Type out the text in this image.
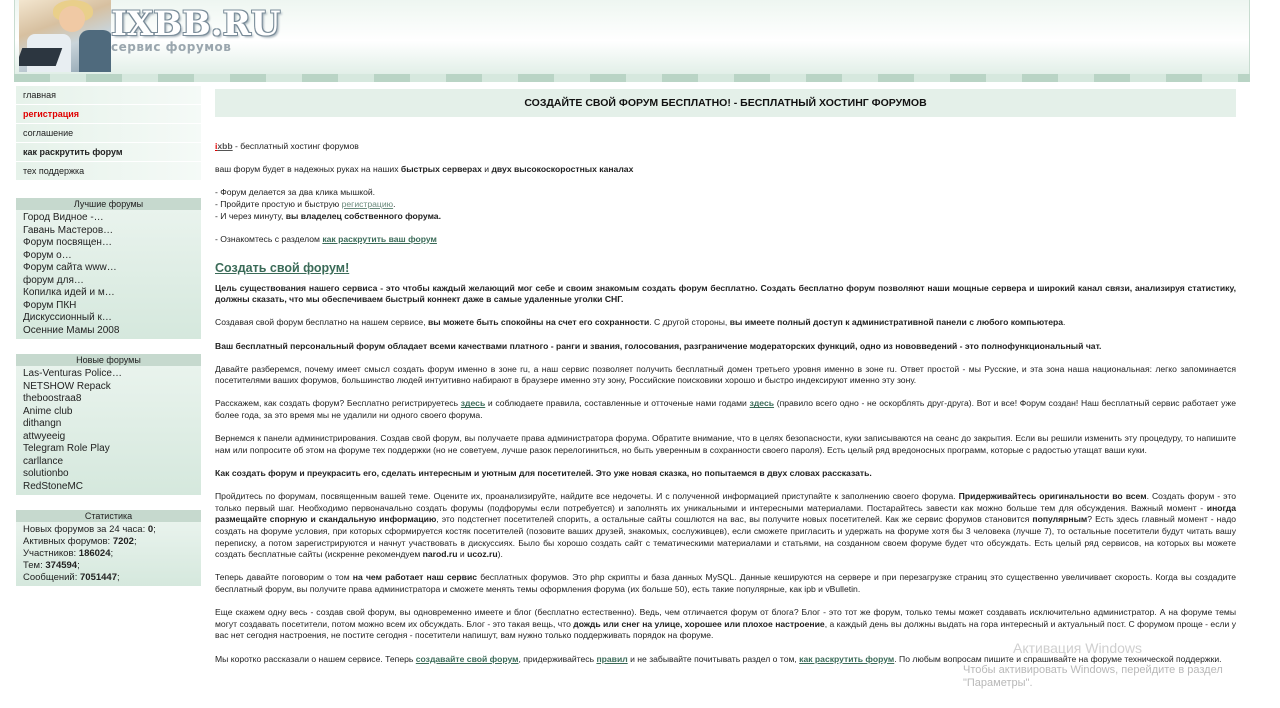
IXBB.RU
сервис форумов
главная
регистрация
соглашение
как раскрутить форум
тех поддержка
Лучшие форумы
Город Видное -…
Гавань Мастеров…
Форум посвящен…
Форум о…
Форум сайта www…
форум для…
Копилка идей и м…
Форум ПКН
Дискуссионный к…
Осенние Мамы 2008
Новые форумы
Las-Venturas Police…
NETSHOW Repack
theboostraa8
Anime club
dithangn
attwyeeig
Telegram Role Play
carllance
solutionbo
RedStoneMC
Статистика
Новых форумов за 24 часа: 0;
Активных форумов: 7202;
Участников: 186024;
Тем: 374594;
Сообщений: 7051447;
СОЗДАЙТЕ СВОЙ ФОРУМ БЕСПЛАТНО! - БЕСПЛАТНЫЙ ХОСТИНГ ФОРУМОВ

ixbb - бесплатный хостинг форумов

ваш форум будет в надежных руках на наших быстрых серверах и двух высокоскоростных каналах

- Форум делается за два клика мышкой.
- Пройдите простую и быструю регистрацию.
- И через минуту, вы владелец собственного форума.

- Ознакомтесь с разделом как раскрутить ваш форум

Создать свой форум!

Цель существования нашего сервиса - это чтобы каждый желающий мог себе и своим знакомым создать форум бесплатно. Создать бесплатно форум позволяют наши мощные сервера и широкий канал связи, анализируя статистику, должны сказать, что мы обеспечиваем быстрый коннект даже в самые удаленные уголки СНГ.

Создавая свой форум бесплатно на нашем сервисе, вы можете быть спокойны на счет его сохранности. С другой стороны, вы имеете полный доступ к административной панели с любого компьютера.

Ваш бесплатный персональный форум обладает всеми качествами платного - ранги и звания, голосования, разграничение модераторских функций, одно из нововведений - это полнофункциональный чат.

Давайте разберемся, почему имеет смысл создать форум именно в зоне ru, а наш сервис позволяет получить бесплатный домен третьего уровня именно в зоне ru. Ответ простой - мы Русские, и эта зона наша национальная: легко запоминается посетителями ваших форумов, большинство людей интуитивно набирают в браузере именно эту зону, Российские поисковики хорошо и быстро индексируют именно эту зону.

Расскажем, как создать форум? Бесплатно регистрируетесь здесь и соблюдаете правила, составленные и отточеные нами годами здесь (правило всего одно - не оскорблять друг-друга). Вот и все! Форум создан! Наш бесплатный сервис работает уже более года, за это время мы не удалили ни одного своего форума.

Вернемся к панели администрирования. Создав свой форум, вы получаете права администратора форума. Обратите внимание, что в целях безопасности, куки записываются на сеанс до закрытия. Если вы решили изменить эту процедуру, то напишите нам или попросите об этом на форуме тех поддержки (но не советуем, лучше разок перелогиниться, но быть уверенным в сохранности своего пароля). Есть целый ряд вредоносных программ, которые с радостью утащат ваши куки.

Как создать форум и преукрасить его, сделать интересным и уютным для посетителей. Это уже новая сказка, но попытаемся в двух словах рассказать.

Пройдитесь по форумам, посвященным вашей теме. Оцените их, проанализируйте, найдите все недочеты. И с полученной информацией приступайте к заполнению своего форума. Придерживайтесь оригинальности во всем. Создать форум - это только первый шаг. Необходимо первоначально создать форумы (подфорумы если потребуется) и заполнять их уникальными и интересными материалами. Постарайтесь завести как можно больше тем для обсуждения. Важный момент - иногда размещайте спорную и скандальную информацию, это подстегнет посетителей спорить, а остальные сайты сошлются на вас, вы получите новых посетителей. Как же сервис форумов становится популярным? Есть здесь главный момент - надо создать на форуме условия, при которых сформируется костяк посетителей (позовите ваших друзей, знакомых, сослуживцев), если сможете пригласить и удержать на форуме хотя бы 3 человека (лучше 7), то остальные посетители будут читать вашу переписку, а потом зарегистрируются и начнут участвовать в дискуссиях. Было бы хорошо создать сайт с тематическими материалами и статьями, на созданном своем форуме будет что обсуждать. Есть целый ряд сервисов, на которых вы можете создать бесплатные сайты (искренне рекомендуем narod.ru и ucoz.ru).

Теперь давайте поговорим о том на чем работает наш сервис бесплатных форумов. Это php скрипты и база данных MySQL. Данные кешируются на сервере и при перезагрузке страниц это существенно увеличивает скорость. Когда вы создадите бесплатный форум, вы получите права администратора и сможете менять темы оформления форума (их больше 50), есть такие популярные, как ipb и vBulletin.

Еще скажем одну весь - создав свой форум, вы одновременно имеете и блог (бесплатно естественно). Ведь, чем отличается форум от блога? Блог - это тот же форум, только темы может создавать исключительно администратор. А на форуме темы могут создавать посетители, потом можно всем их обсуждать. Блог - это такая вещь, что дождь или снег на улице, хорошее или плохое настроение, а каждый день вы должны выдать на гора интересный и актуальный пост. С форумом проще - если у вас нет сегодня настроения, не постите сегодня - посетители напишут, вам нужно только поддерживать порядок на форуме.

Мы коротко рассказали о нашем сервисе. Теперь создавайте свой форум, придерживайтесь правил и не забывайте почитывать раздел о том, как раскрутить форум. По любым вопросам пишите и спрашивайте на форуме технической поддержки.

Активация Windows
Чтобы активировать Windows, перейдите в раздел
"Параметры".
